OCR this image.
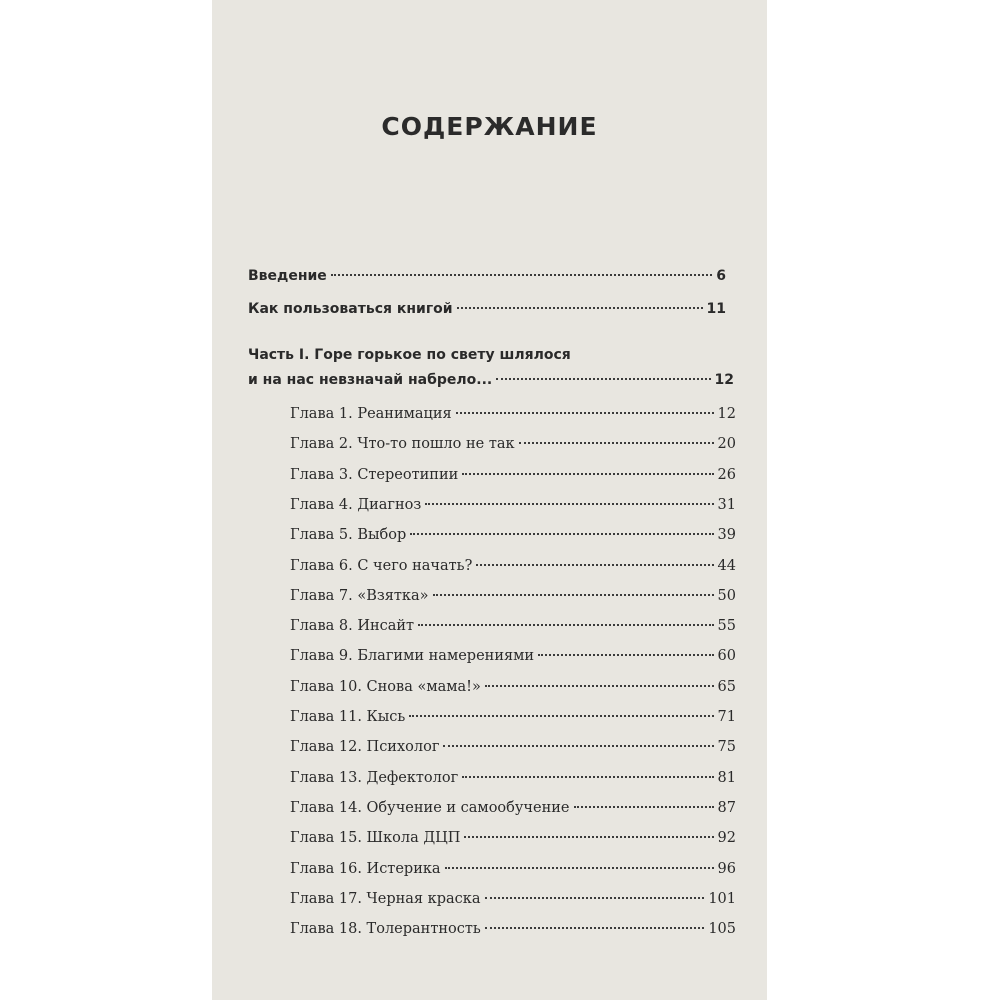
СОДЕРЖАНИЕ
Введение	6
Как пользоваться книгой	11
Часть I. Горе горькое по свету шлялося
и на нас невзначай набрело...	12
Глава 1. Реанимация	12
Глава 2. Что-то пошло не так	20
Глава 3. Стереотипии	26
Глава 4. Диагноз	31
Глава 5. Выбор	39
Глава 6. С чего начать?	44
Глава 7. «Взятка»	50
Глава 8. Инсайт	55
Глава 9. Благими намерениями	60
Глава 10. Снова «мама!»	65
Глава 11. Кысь	71
Глава 12. Психолог	75
Глава 13. Дефектолог	81
Глава 14. Обучение и самообучение	87
Глава 15. Школа ДЦП	92
Глава 16. Истерика	96
Глава 17. Черная краска	101
Глава 18. Толерантность	105
